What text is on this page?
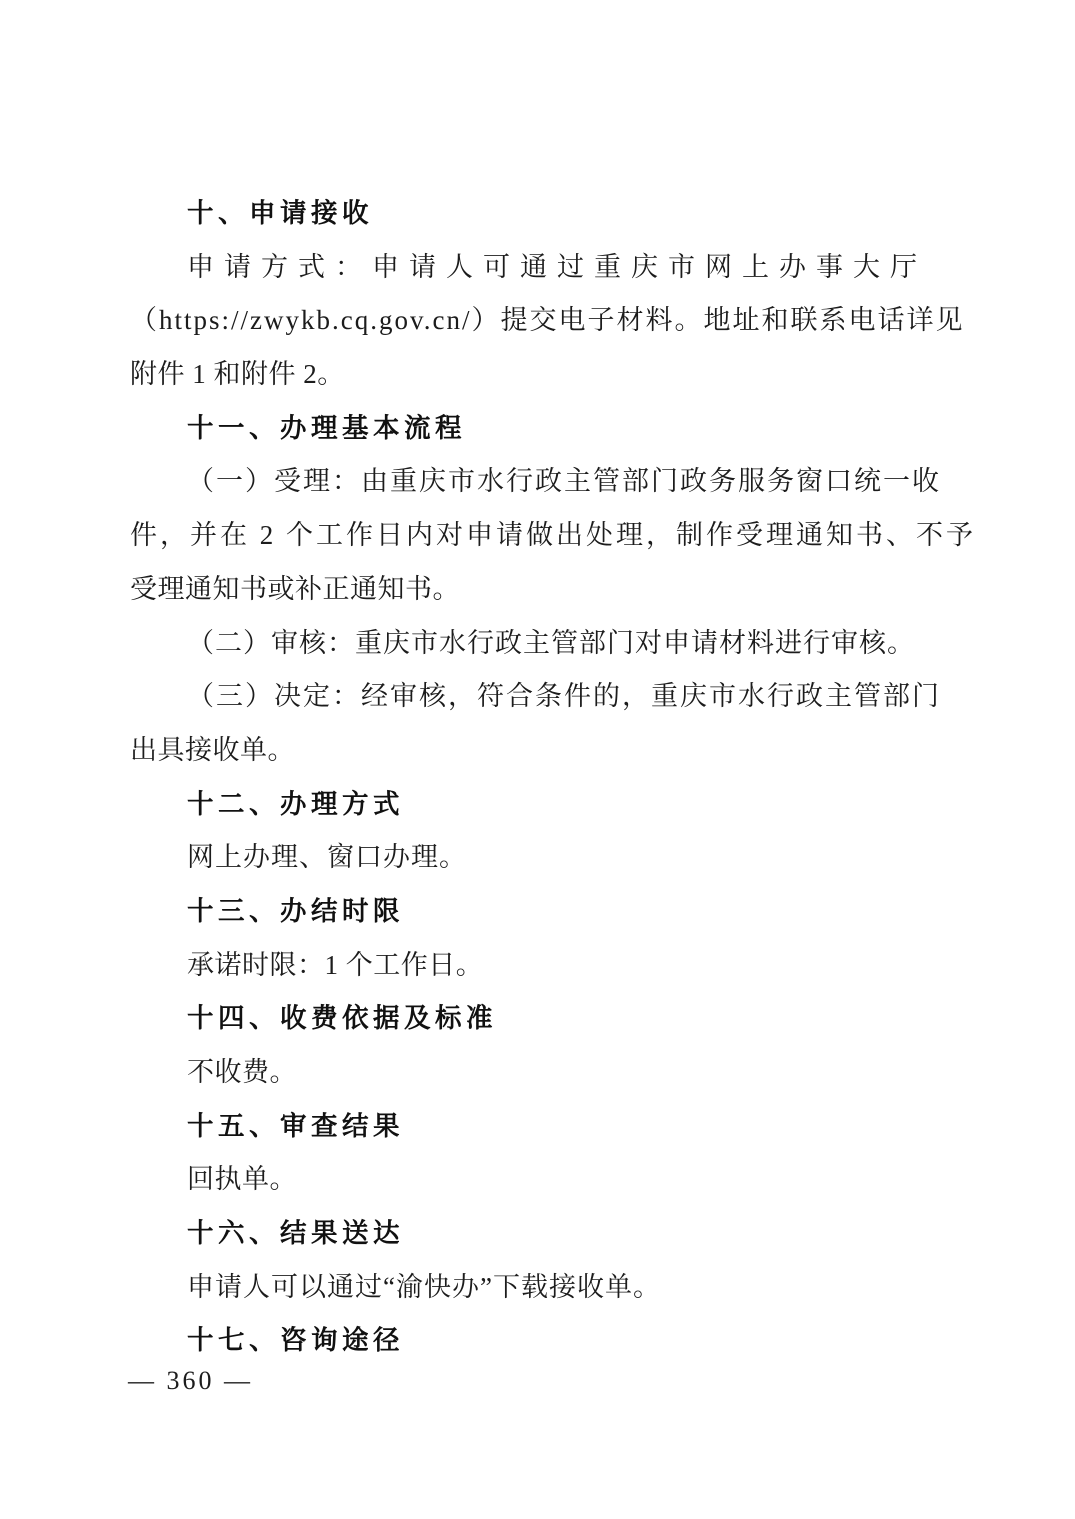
十、申请接收
申请方式：申请人可通过重庆市网上办事大厅
（https://zwykb.cq.gov.cn/）提交电子材料。地址和联系电话详见
附件 1 和附件 2。
十一、办理基本流程
（一）受理：由重庆市水行政主管部门政务服务窗口统一收
件，并在 2 个工作日内对申请做出处理，制作受理通知书、不予
受理通知书或补正通知书。
（二）审核：重庆市水行政主管部门对申请材料进行审核。
（三）决定：经审核，符合条件的，重庆市水行政主管部门
出具接收单。
十二、办理方式
网上办理、窗口办理。
十三、办结时限
承诺时限：1 个工作日。
十四、收费依据及标准
不收费。
十五、审查结果
回执单。
十六、结果送达
申请人可以通过“渝快办”下载接收单。
十七、咨询途径
— 360 —
